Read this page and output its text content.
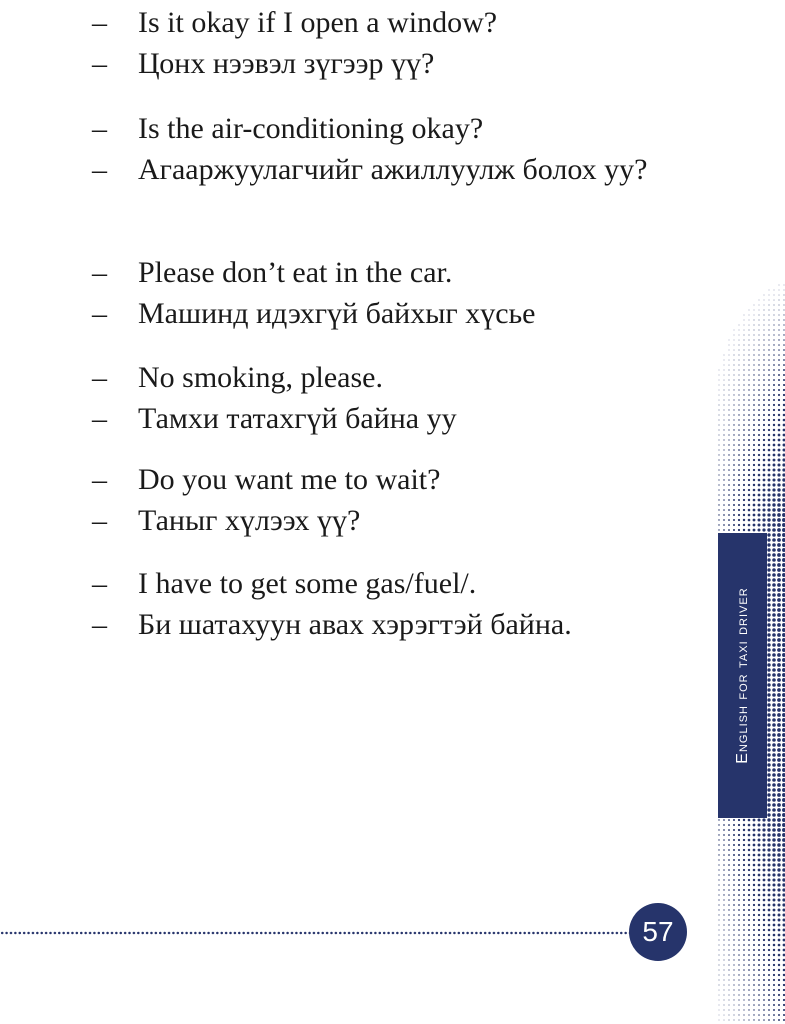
–	Is it okay if I open a window?
–	Цонх нээвэл зүгээр үү?
–	Is the air-conditioning okay?
–	Агааржуулагчийг ажиллуулж болох уу?
–	Please don’t eat in the car.
–	Машинд идэхгүй байхыг хүсье
–	No smoking, please.
–	Тамхи татахгүй байна уу
–	Do you want me to wait?
–	Таныг хүлээх үү?
–	I have to get some gas/fuel/.
–	Би шатахуун авах хэрэгтэй байна.	English for taxi driver
57
